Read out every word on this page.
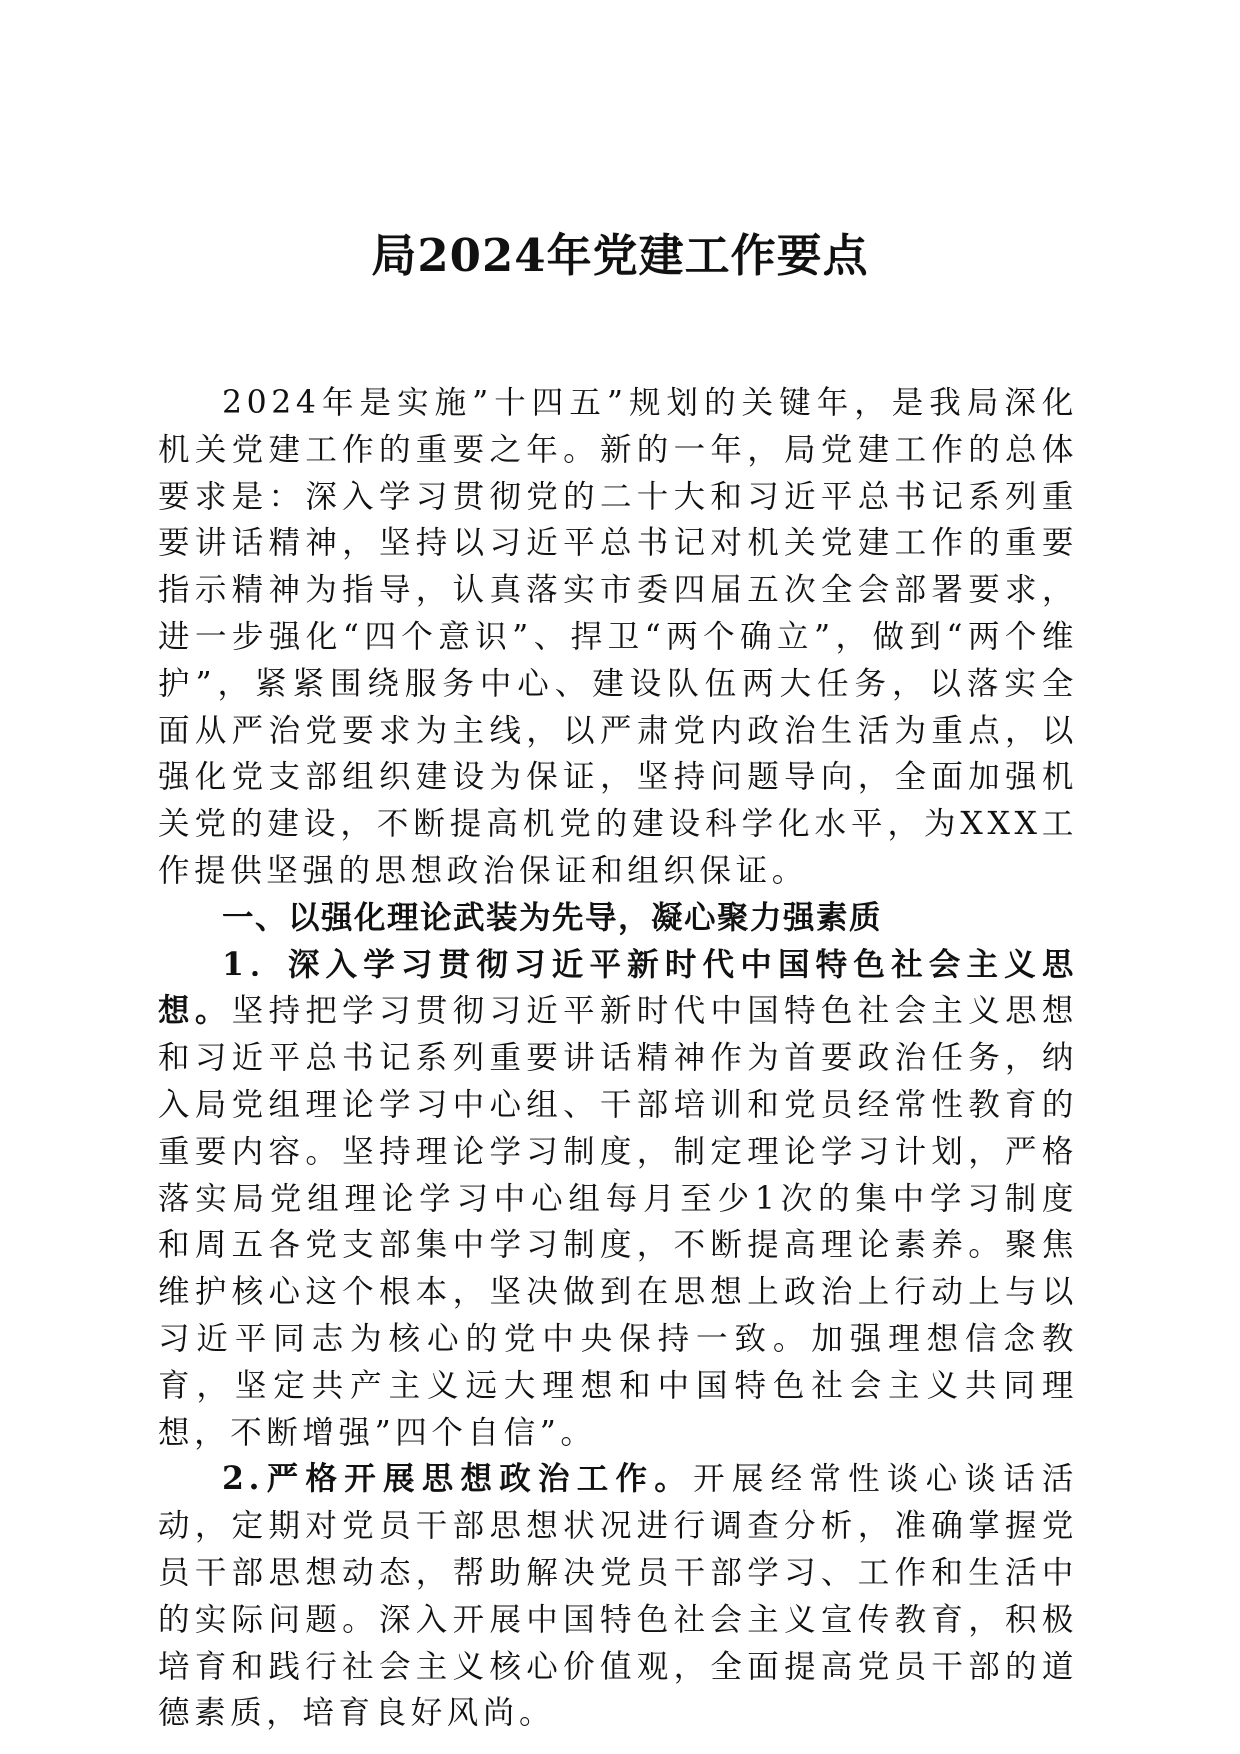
局2024年党建工作要点

2024年是实施”十四五”规划的关键年，是我局深化机关党建工作的重要之年。新的一年，局党建工作的总体要求是：深入学习贯彻党的二十大和习近平总书记系列重要讲话精神，坚持以习近平总书记对机关党建工作的重要指示精神为指导，认真落实市委四届五次全会部署要求，进一步强化“四个意识”、捍卫“两个确立”，做到“两个维护”，紧紧围绕服务中心、建设队伍两大任务，以落实全面从严治党要求为主线，以严肃党内政治生活为重点，以强化党支部组织建设为保证，坚持问题导向，全面加强机关党的建设，不断提高机党的建设科学化水平，为XXX工作提供坚强的思想政治保证和组织保证。

一、以强化理论武装为先导，凝心聚力强素质

1．深入学习贯彻习近平新时代中国特色社会主义思想。坚持把学习贯彻习近平新时代中国特色社会主义思想和习近平总书记系列重要讲话精神作为首要政治任务，纳入局党组理论学习中心组、干部培训和党员经常性教育的重要内容。坚持理论学习制度，制定理论学习计划，严格落实局党组理论学习中心组每月至少1次的集中学习制度和周五各党支部集中学习制度，不断提高理论素养。聚焦维护核心这个根本，坚决做到在思想上政治上行动上与以习近平同志为核心的党中央保持一致。加强理想信念教育，坚定共产主义远大理想和中国特色社会主义共同理想，不断增强”四个自信”。

2.严格开展思想政治工作。开展经常性谈心谈话活动，定期对党员干部思想状况进行调查分析，准确掌握党员干部思想动态，帮助解决党员干部学习、工作和生活中的实际问题。深入开展中国特色社会主义宣传教育，积极培育和践行社会主义核心价值观，全面提高党员干部的道德素质，培育良好风尚。
